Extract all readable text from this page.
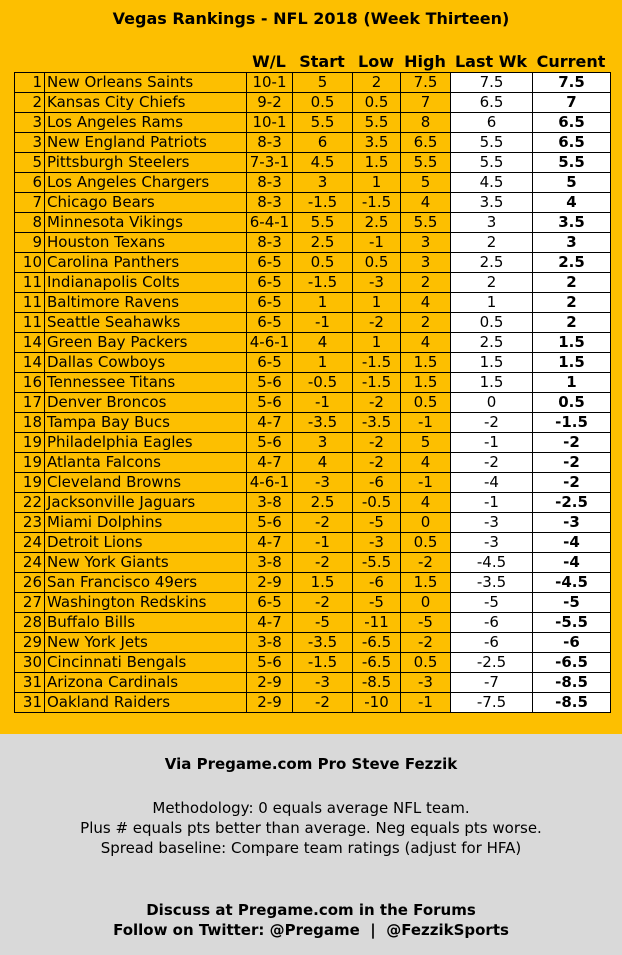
Vegas Rankings - NFL 2018 (Week Thirteen)
W/L Start Low High Last Wk Current
1	New Orleans Saints	10-1	5	2	7.5	7.5	7.5
2	Kansas City Chiefs	9-2	0.5	0.5	7	6.5	7
3	Los Angeles Rams	10-1	5.5	5.5	8	6	6.5
3	New England Patriots	8-3	6	3.5	6.5	5.5	6.5
5	Pittsburgh Steelers	7-3-1	4.5	1.5	5.5	5.5	5.5
6	Los Angeles Chargers	8-3	3	1	5	4.5	5
7	Chicago Bears	8-3	-1.5	-1.5	4	3.5	4
8	Minnesota Vikings	6-4-1	5.5	2.5	5.5	3	3.5
9	Houston Texans	8-3	2.5	-1	3	2	3
10	Carolina Panthers	6-5	0.5	0.5	3	2.5	2.5
11	Indianapolis Colts	6-5	-1.5	-3	2	2	2
11	Baltimore Ravens	6-5	1	1	4	1	2
11	Seattle Seahawks	6-5	-1	-2	2	0.5	2
14	Green Bay Packers	4-6-1	4	1	4	2.5	1.5
14	Dallas Cowboys	6-5	1	-1.5	1.5	1.5	1.5
16	Tennessee Titans	5-6	-0.5	-1.5	1.5	1.5	1
17	Denver Broncos	5-6	-1	-2	0.5	0	0.5
18	Tampa Bay Bucs	4-7	-3.5	-3.5	-1	-2	-1.5
19	Philadelphia Eagles	5-6	3	-2	5	-1	-2
19	Atlanta Falcons	4-7	4	-2	4	-2	-2
19	Cleveland Browns	4-6-1	-3	-6	-1	-4	-2
22	Jacksonville Jaguars	3-8	2.5	-0.5	4	-1	-2.5
23	Miami Dolphins	5-6	-2	-5	0	-3	-3
24	Detroit Lions	4-7	-1	-3	0.5	-3	-4
24	New York Giants	3-8	-2	-5.5	-2	-4.5	-4
26	San Francisco 49ers	2-9	1.5	-6	1.5	-3.5	-4.5
27	Washington Redskins	6-5	-2	-5	0	-5	-5
28	Buffalo Bills	4-7	-5	-11	-5	-6	-5.5
29	New York Jets	3-8	-3.5	-6.5	-2	-6	-6
30	Cincinnati Bengals	5-6	-1.5	-6.5	0.5	-2.5	-6.5
31	Arizona Cardinals	2-9	-3	-8.5	-3	-7	-8.5
31	Oakland Raiders	2-9	-2	-10	-1	-7.5	-8.5
Via Pregame.com Pro Steve Fezzik
Methodology: 0 equals average NFL team.
Plus # equals pts better than average. Neg equals pts worse.
Spread baseline: Compare team ratings (adjust for HFA)
Discuss at Pregame.com in the Forums
Follow on Twitter: @Pregame  |  @FezzikSports
